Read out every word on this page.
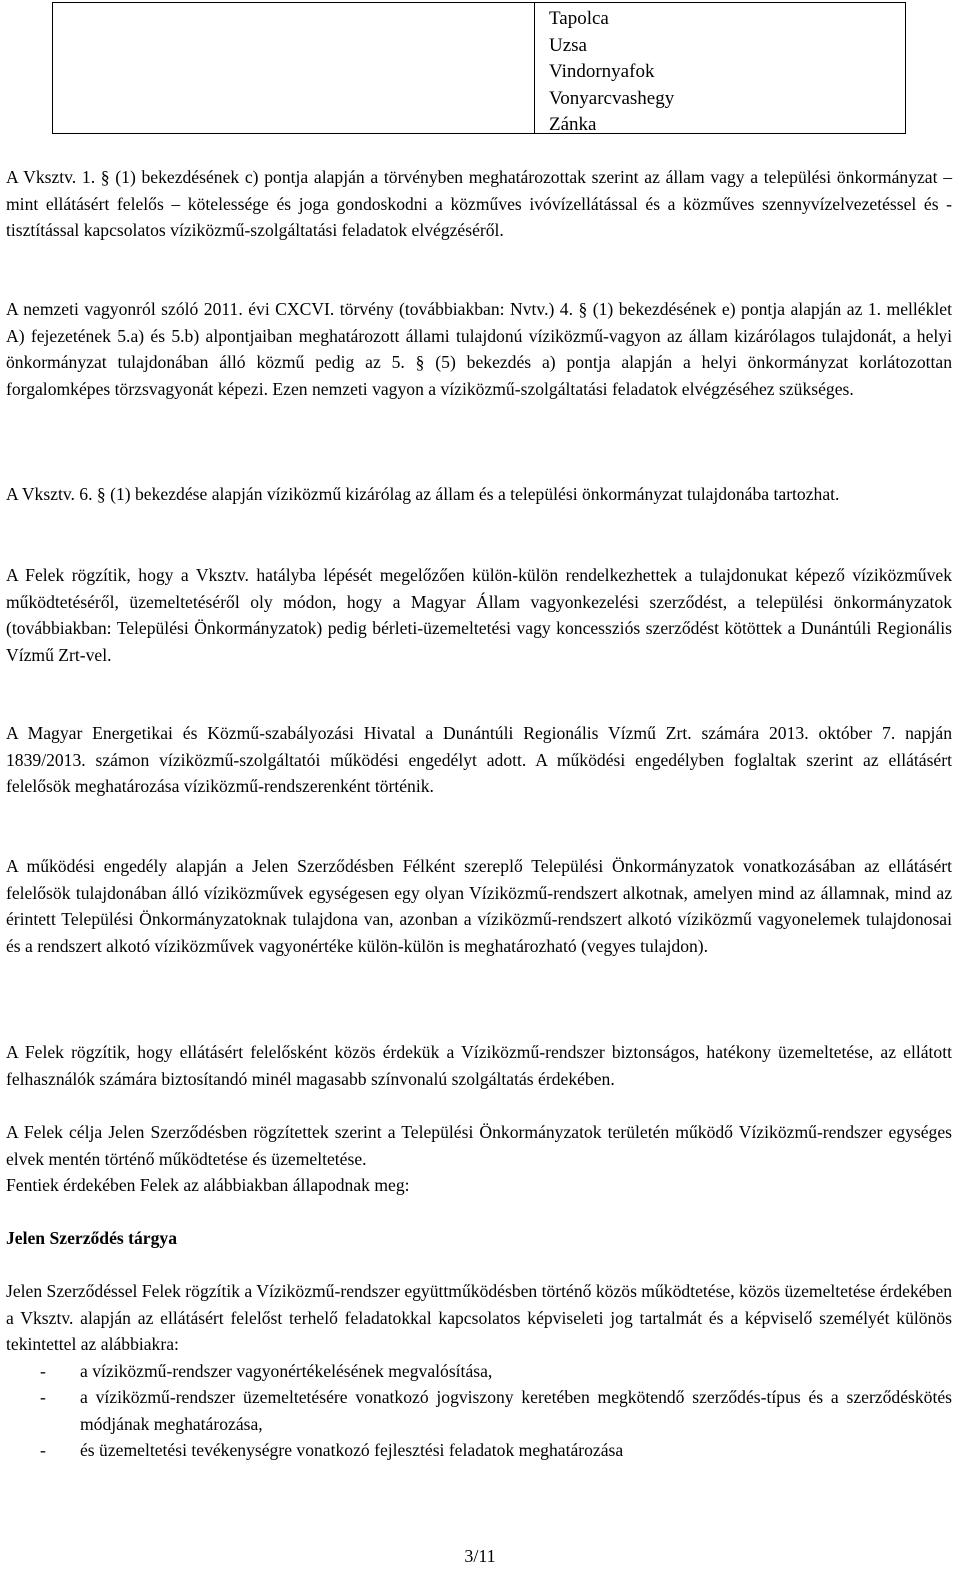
Tapolca
Uzsa
Vindornyafok
Vonyarcvashegy
Zánka

A Vksztv. 1. § (1) bekezdésének c) pontja alapján a törvényben meghatározottak szerint az állam vagy a települési önkormányzat – mint ellátásért felelős – kötelessége és joga gondoskodni a közműves ivóvízellátással és a közműves szennyvízelvezetéssel és -tisztítással kapcsolatos víziközmű-szolgáltatási feladatok elvégzéséről.

A nemzeti vagyonról szóló 2011. évi CXCVI. törvény (továbbiakban: Nvtv.) 4. § (1) bekezdésének e) pontja alapján az 1. melléklet A) fejezetének 5.a) és 5.b) alpontjaiban meghatározott állami tulajdonú víziközmű-vagyon az állam kizárólagos tulajdonát, a helyi önkormányzat tulajdonában álló közmű pedig az 5. § (5) bekezdés a) pontja alapján a helyi önkormányzat korlátozottan forgalomképes törzsvagyonát képezi. Ezen nemzeti vagyon a víziközmű-szolgáltatási feladatok elvégzéséhez szükséges.

A Vksztv. 6. § (1) bekezdése alapján víziközmű kizárólag az állam és a települési önkormányzat tulajdonába tartozhat.

A Felek rögzítik, hogy a Vksztv. hatályba lépését megelőzően külön-külön rendelkezhettek a tulajdonukat képező víziközművek működtetéséről, üzemeltetéséről oly módon, hogy a Magyar Állam vagyonkezelési szerződést, a települési önkormányzatok (továbbiakban: Települési Önkormányzatok) pedig bérleti-üzemeltetési vagy koncessziós szerződést kötöttek a Dunántúli Regionális Vízmű Zrt-vel.

A Magyar Energetikai és Közmű-szabályozási Hivatal a Dunántúli Regionális Vízmű Zrt. számára 2013. október 7. napján 1839/2013. számon víziközmű-szolgáltatói működési engedélyt adott. A működési engedélyben foglaltak szerint az ellátásért felelősök meghatározása víziközmű-rendszerenként történik.

A működési engedély alapján a Jelen Szerződésben Félként szereplő Települési Önkormányzatok vonatkozásában az ellátásért felelősök tulajdonában álló víziközművek egységesen egy olyan Víziközmű-rendszert alkotnak, amelyen mind az államnak, mind az érintett Települési Önkormányzatoknak tulajdona van, azonban a víziközmű-rendszert alkotó víziközmű vagyonelemek tulajdonosai és a rendszert alkotó víziközművek vagyonértéke külön-külön is meghatározható (vegyes tulajdon).

A Felek rögzítik, hogy ellátásért felelősként közös érdekük a Víziközmű-rendszer biztonságos, hatékony üzemeltetése, az ellátott felhasználók számára biztosítandó minél magasabb színvonalú szolgáltatás érdekében.

A Felek célja Jelen Szerződésben rögzítettek szerint a Települési Önkormányzatok területén működő Víziközmű-rendszer egységes elvek mentén történő működtetése és üzemeltetése.

Fentiek érdekében Felek az alábbiakban állapodnak meg:

Jelen Szerződés tárgya

Jelen Szerződéssel Felek rögzítik a Víziközmű-rendszer együttműködésben történő közös működtetése, közös üzemeltetése érdekében a Vksztv. alapján az ellátásért felelőst terhelő feladatokkal kapcsolatos képviseleti jog tartalmát és a képviselő személyét különös tekintettel az alábbiakra:

- a víziközmű-rendszer vagyonértékelésének megvalósítása,
- a víziközmű-rendszer üzemeltetésére vonatkozó jogviszony keretében megkötendő szerződés-típus és a szerződéskötés módjának meghatározása,
- és üzemeltetési tevékenységre vonatkozó fejlesztési feladatok meghatározása
3/11
